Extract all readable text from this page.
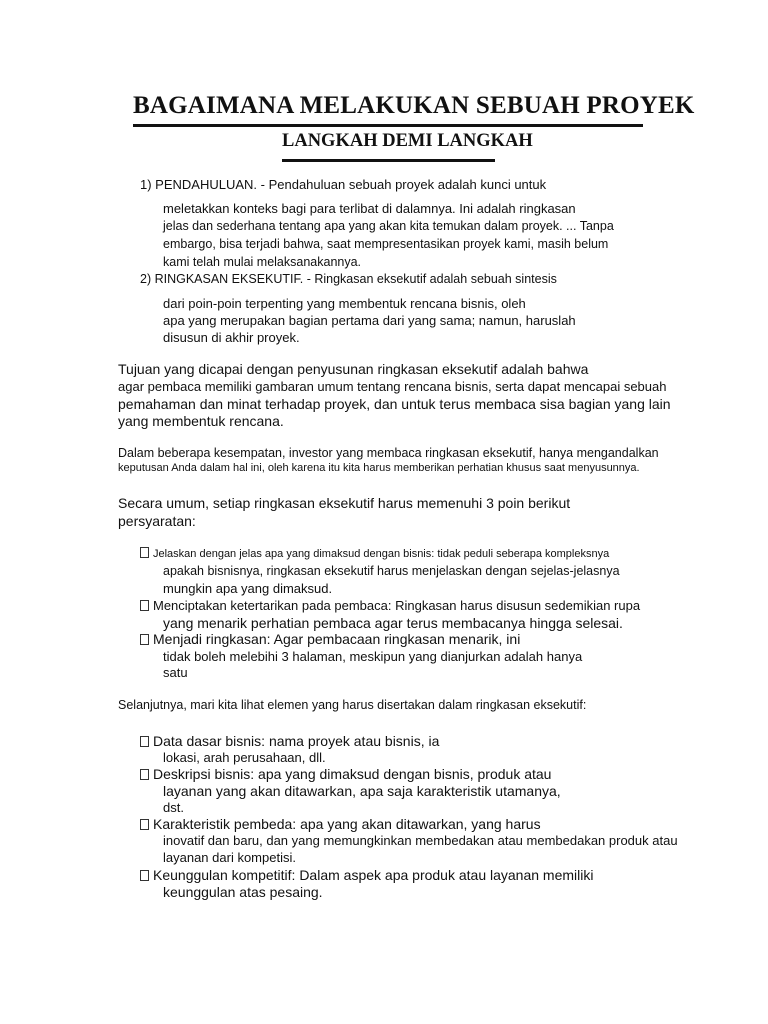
BAGAIMANA MELAKUKAN SEBUAH PROYEK
LANGKAH DEMI LANGKAH
1) PENDAHULUAN. - Pendahuluan sebuah proyek adalah kunci untuk
meletakkan konteks bagi para terlibat di dalamnya. Ini adalah ringkasan
jelas dan sederhana tentang apa yang akan kita temukan dalam proyek. ... Tanpa
embargo, bisa terjadi bahwa, saat mempresentasikan proyek kami, masih belum
kami telah mulai melaksanakannya.
2) RINGKASAN EKSEKUTIF. - Ringkasan eksekutif adalah sebuah sintesis
dari poin-poin terpenting yang membentuk rencana bisnis, oleh
apa yang merupakan bagian pertama dari yang sama; namun, haruslah
disusun di akhir proyek.
Tujuan yang dicapai dengan penyusunan ringkasan eksekutif adalah bahwa
agar pembaca memiliki gambaran umum tentang rencana bisnis, serta dapat mencapai sebuah
pemahaman dan minat terhadap proyek, dan untuk terus membaca sisa bagian yang lain
yang membentuk rencana.
Dalam beberapa kesempatan, investor yang membaca ringkasan eksekutif, hanya mengandalkan
keputusan Anda dalam hal ini, oleh karena itu kita harus memberikan perhatian khusus saat menyusunnya.
Secara umum, setiap ringkasan eksekutif harus memenuhi 3 poin berikut
persyaratan:
Jelaskan dengan jelas apa yang dimaksud dengan bisnis: tidak peduli seberapa kompleksnya
apakah bisnisnya, ringkasan eksekutif harus menjelaskan dengan sejelas-jelasnya
mungkin apa yang dimaksud.
Menciptakan ketertarikan pada pembaca: Ringkasan harus disusun sedemikian rupa
yang menarik perhatian pembaca agar terus membacanya hingga selesai.
Menjadi ringkasan: Agar pembacaan ringkasan menarik, ini
tidak boleh melebihi 3 halaman, meskipun yang dianjurkan adalah hanya
satu
Selanjutnya, mari kita lihat elemen yang harus disertakan dalam ringkasan eksekutif:
Data dasar bisnis: nama proyek atau bisnis, ia
lokasi, arah perusahaan, dll.
Deskripsi bisnis: apa yang dimaksud dengan bisnis, produk atau
layanan yang akan ditawarkan, apa saja karakteristik utamanya,
dst.
Karakteristik pembeda: apa yang akan ditawarkan, yang harus
inovatif dan baru, dan yang memungkinkan membedakan atau membedakan produk atau
layanan dari kompetisi.
Keunggulan kompetitif: Dalam aspek apa produk atau layanan memiliki
keunggulan atas pesaing.
